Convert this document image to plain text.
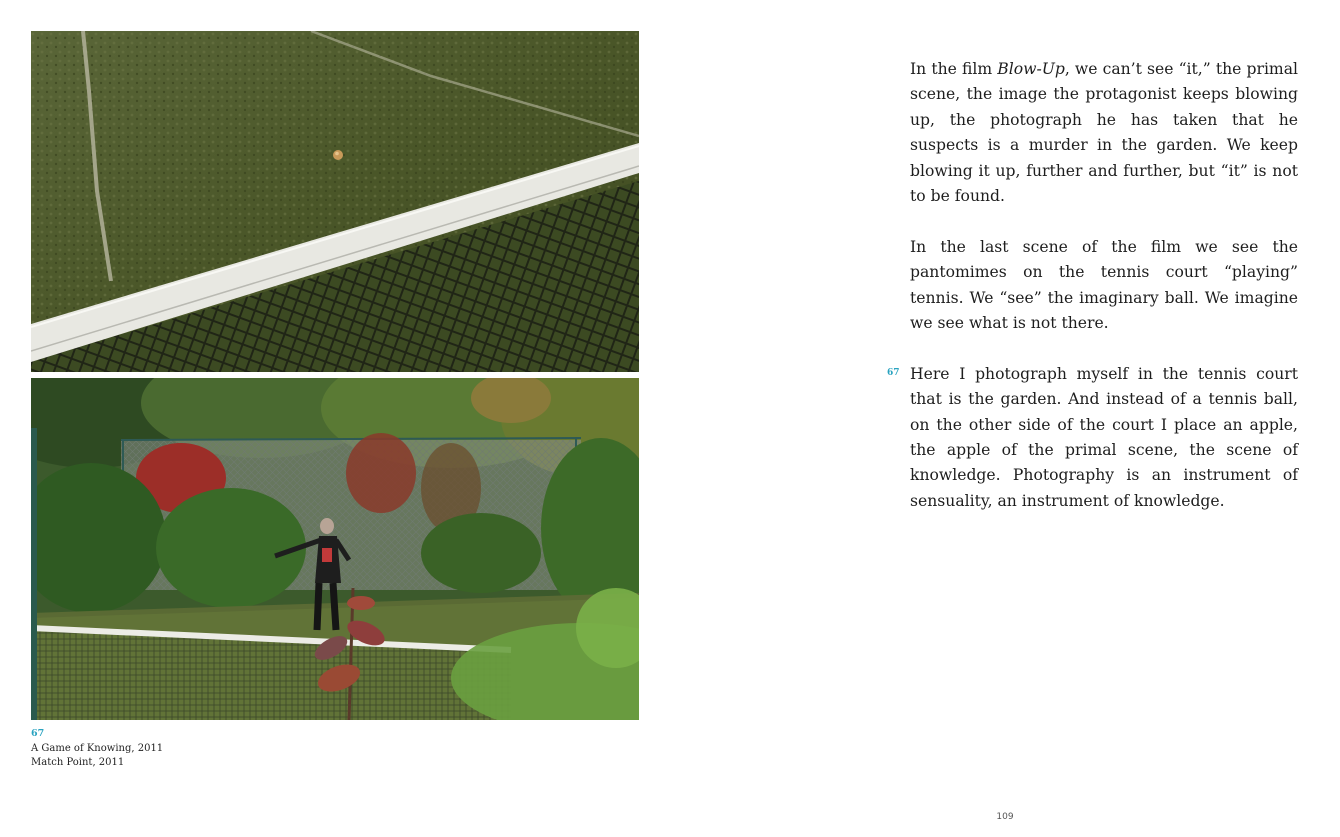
67
A Game of Knowing, 2011
Match Point, 2011

In the film Blow-Up, we can’t see “it,” the primal scene, the image the protagonist keeps blowing up, the photograph he has taken that he suspects is a murder in the garden. We keep blowing it up, further and further, but “it” is not to be found.

In the last scene of the film we see the pantomimes on the tennis court “playing” tennis. We “see” the imaginary ball. We imagine we see what is not there.

67 Here I photograph myself in the tennis court that is the garden. And instead of a tennis ball, on the other side of the court I place an apple, the apple of the primal scene, the scene of knowledge. Photography is an instrument of sensuality, an instrument of knowledge.

109
